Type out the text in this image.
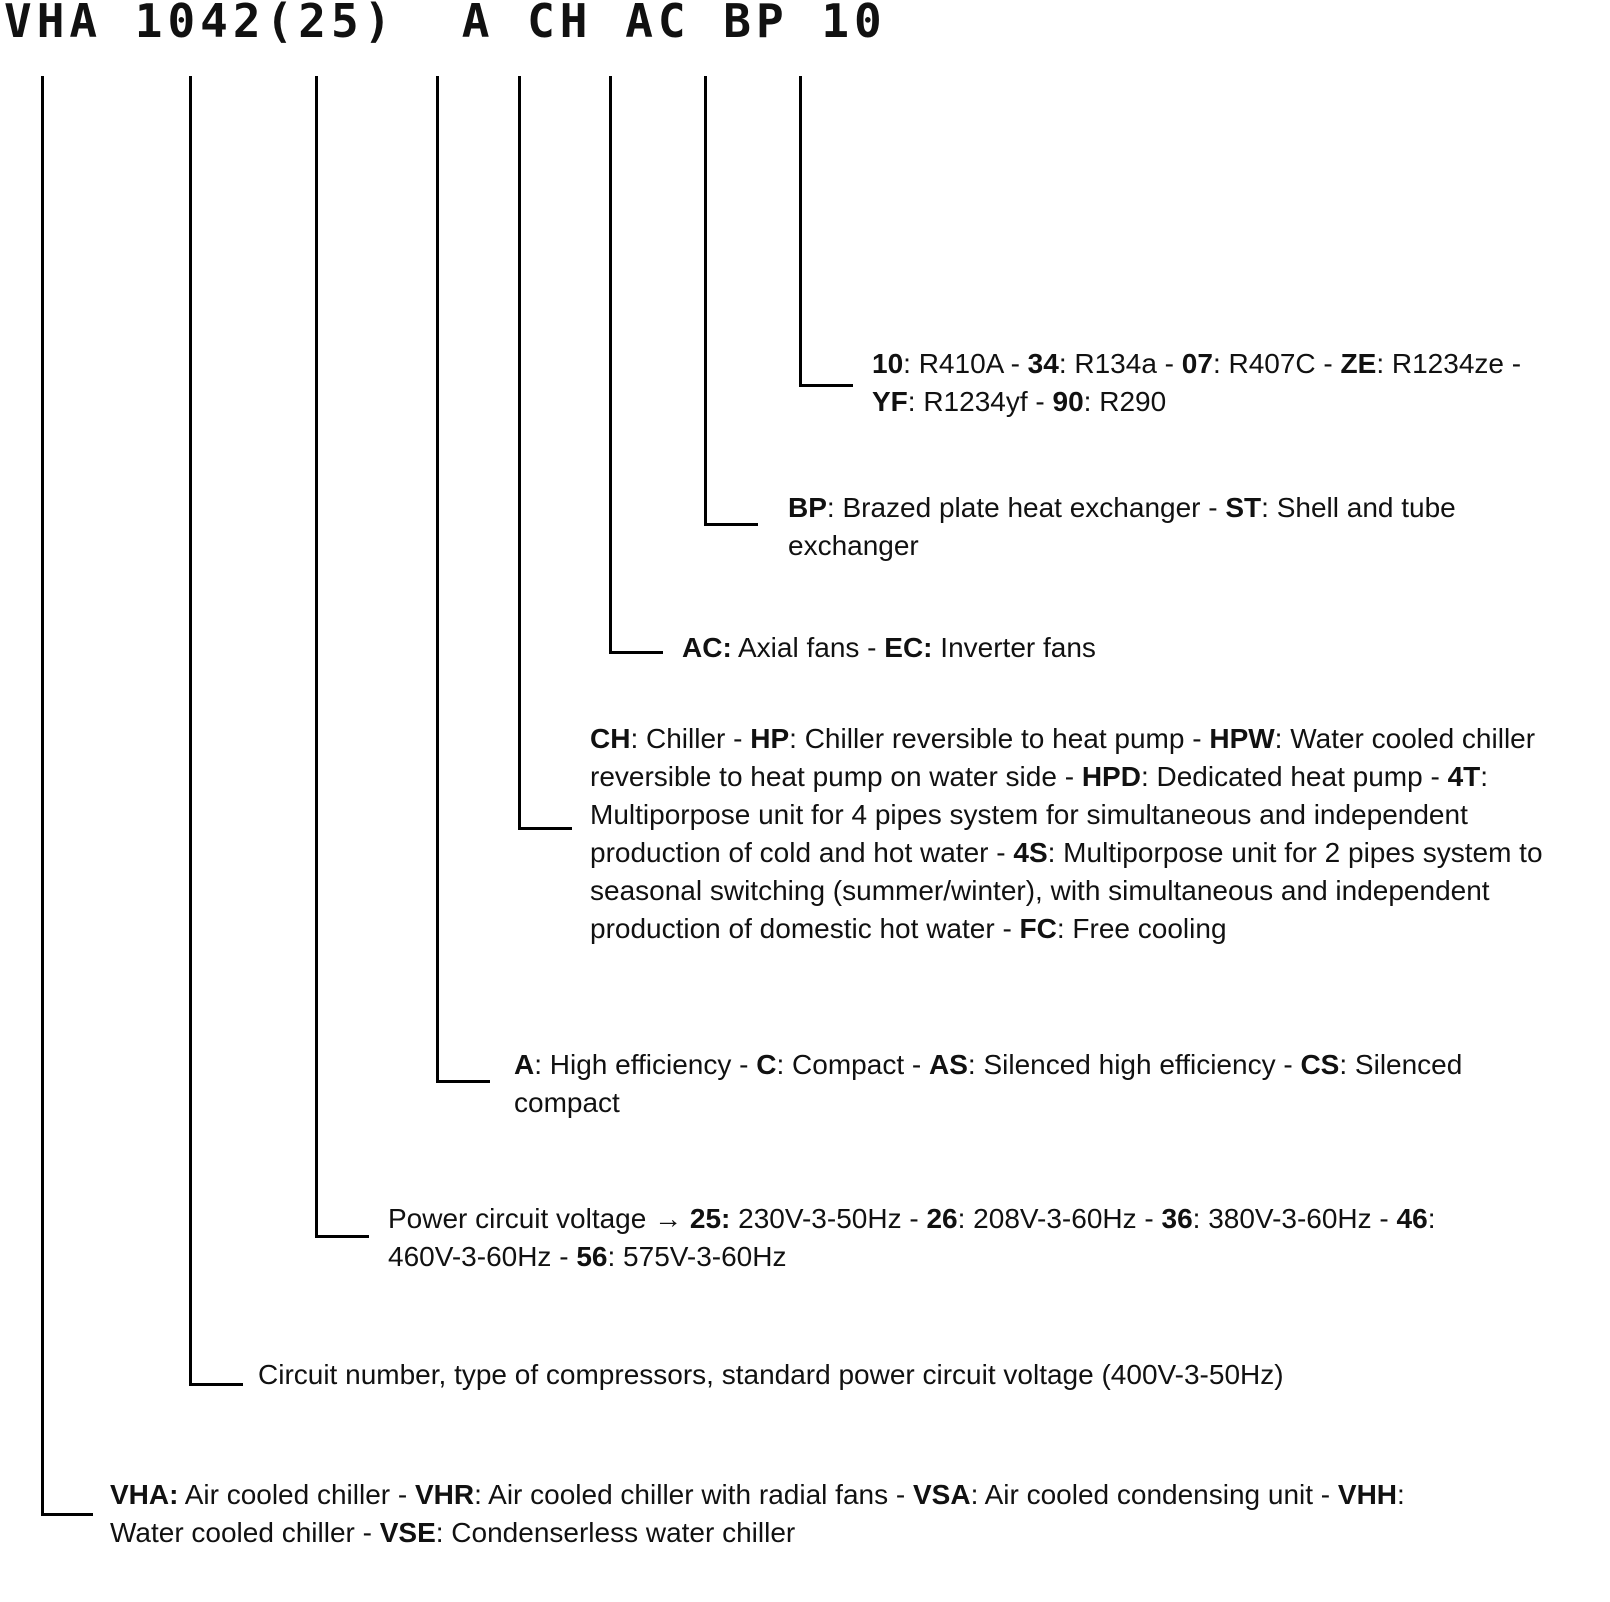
VHA 1042(25)  A CH AC BP 10
10: R410A - 34: R134a - 07: R407C - ZE: R1234ze - YF: R1234yf - 90: R290
BP: Brazed plate heat exchanger - ST: Shell and tube exchanger
AC: Axial fans - EC: Inverter fans
CH: Chiller - HP: Chiller reversible to heat pump - HPW: Water cooled chiller reversible to heat pump on water side - HPD: Dedicated heat pump - 4T: Multiporpose unit for 4 pipes system for simultaneous and independent production of cold and hot water - 4S: Multiporpose unit for 2 pipes system to seasonal switching (summer/winter), with simultaneous and independent production of domestic hot water - FC: Free cooling
A: High efficiency - C: Compact - AS: Silenced high efficiency - CS: Silenced compact
Power circuit voltage → 25: 230V-3-50Hz - 26: 208V-3-60Hz - 36: 380V-3-60Hz - 46: 460V-3-60Hz - 56: 575V-3-60Hz
Circuit number, type of compressors, standard power circuit voltage (400V-3-50Hz)
VHA: Air cooled chiller - VHR: Air cooled chiller with radial fans - VSA: Air cooled condensing unit - VHH: Water cooled chiller - VSE: Condenserless water chiller
